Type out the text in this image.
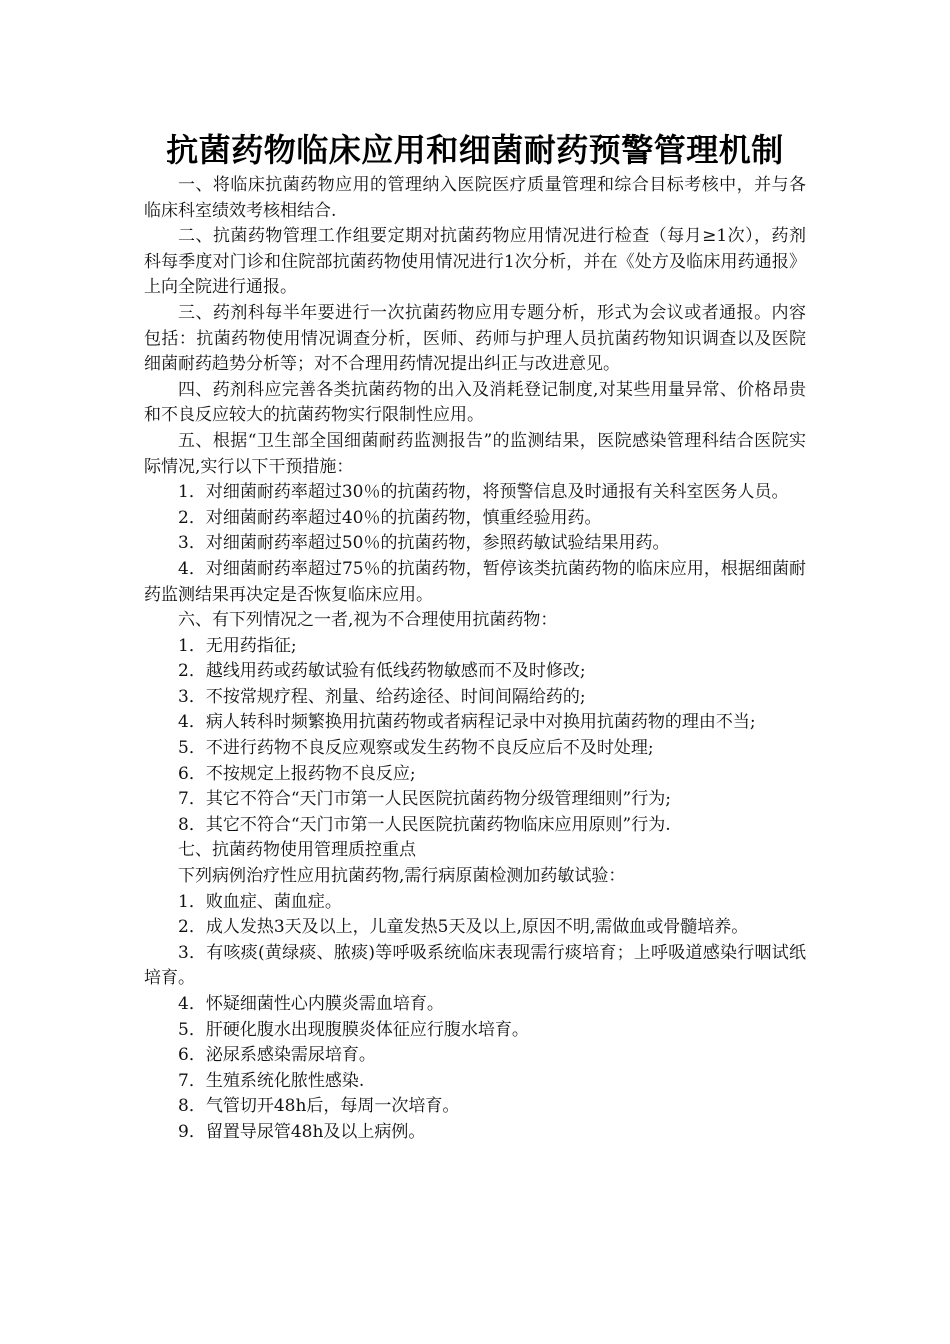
抗菌药物临床应用和细菌耐药预警管理机制

一、将临床抗菌药物应用的管理纳入医院医疗质量管理和综合目标考核中，并与各临床科室绩效考核相结合.

二、抗菌药物管理工作组要定期对抗菌药物应用情况进行检查（每月≥1次），药剂科每季度对门诊和住院部抗菌药物使用情况进行1次分析，并在《处方及临床用药通报》上向全院进行通报。

三、药剂科每半年要进行一次抗菌药物应用专题分析，形式为会议或者通报。内容包括：抗菌药物使用情况调查分析，医师、药师与护理人员抗菌药物知识调查以及医院细菌耐药趋势分析等；对不合理用药情况提出纠正与改进意见。

四、药剂科应完善各类抗菌药物的出入及消耗登记制度,对某些用量异常、价格昂贵和不良反应较大的抗菌药物实行限制性应用。

五、根据“卫生部全国细菌耐药监测报告”的监测结果，医院感染管理科结合医院实际情况,实行以下干预措施：

1．对细菌耐药率超过30％的抗菌药物，将预警信息及时通报有关科室医务人员。

2．对细菌耐药率超过40％的抗菌药物，慎重经验用药。

3．对细菌耐药率超过50％的抗菌药物，参照药敏试验结果用药。

4．对细菌耐药率超过75％的抗菌药物，暂停该类抗菌药物的临床应用，根据细菌耐药监测结果再决定是否恢复临床应用。

六、有下列情况之一者,视为不合理使用抗菌药物：

1．无用药指征;

2．越线用药或药敏试验有低线药物敏感而不及时修改;

3．不按常规疗程、剂量、给药途径、时间间隔给药的;

4．病人转科时频繁换用抗菌药物或者病程记录中对换用抗菌药物的理由不当;

5．不进行药物不良反应观察或发生药物不良反应后不及时处理;

6．不按规定上报药物不良反应;

7．其它不符合“天门市第一人民医院抗菌药物分级管理细则”行为;

8．其它不符合“天门市第一人民医院抗菌药物临床应用原则”行为.

七、抗菌药物使用管理质控重点

下列病例治疗性应用抗菌药物,需行病原菌检测加药敏试验：

1．败血症、菌血症。

2．成人发热3天及以上，儿童发热5天及以上,原因不明,需做血或骨髓培养。

3．有咳痰(黄绿痰、脓痰)等呼吸系统临床表现需行痰培育；上呼吸道感染行咽试纸培育。

4．怀疑细菌性心内膜炎需血培育。

5．肝硬化腹水出现腹膜炎体征应行腹水培育。

6．泌尿系感染需尿培育。

7．生殖系统化脓性感染.

8．气管切开48h后，每周一次培育。

9．留置导尿管48h及以上病例。
